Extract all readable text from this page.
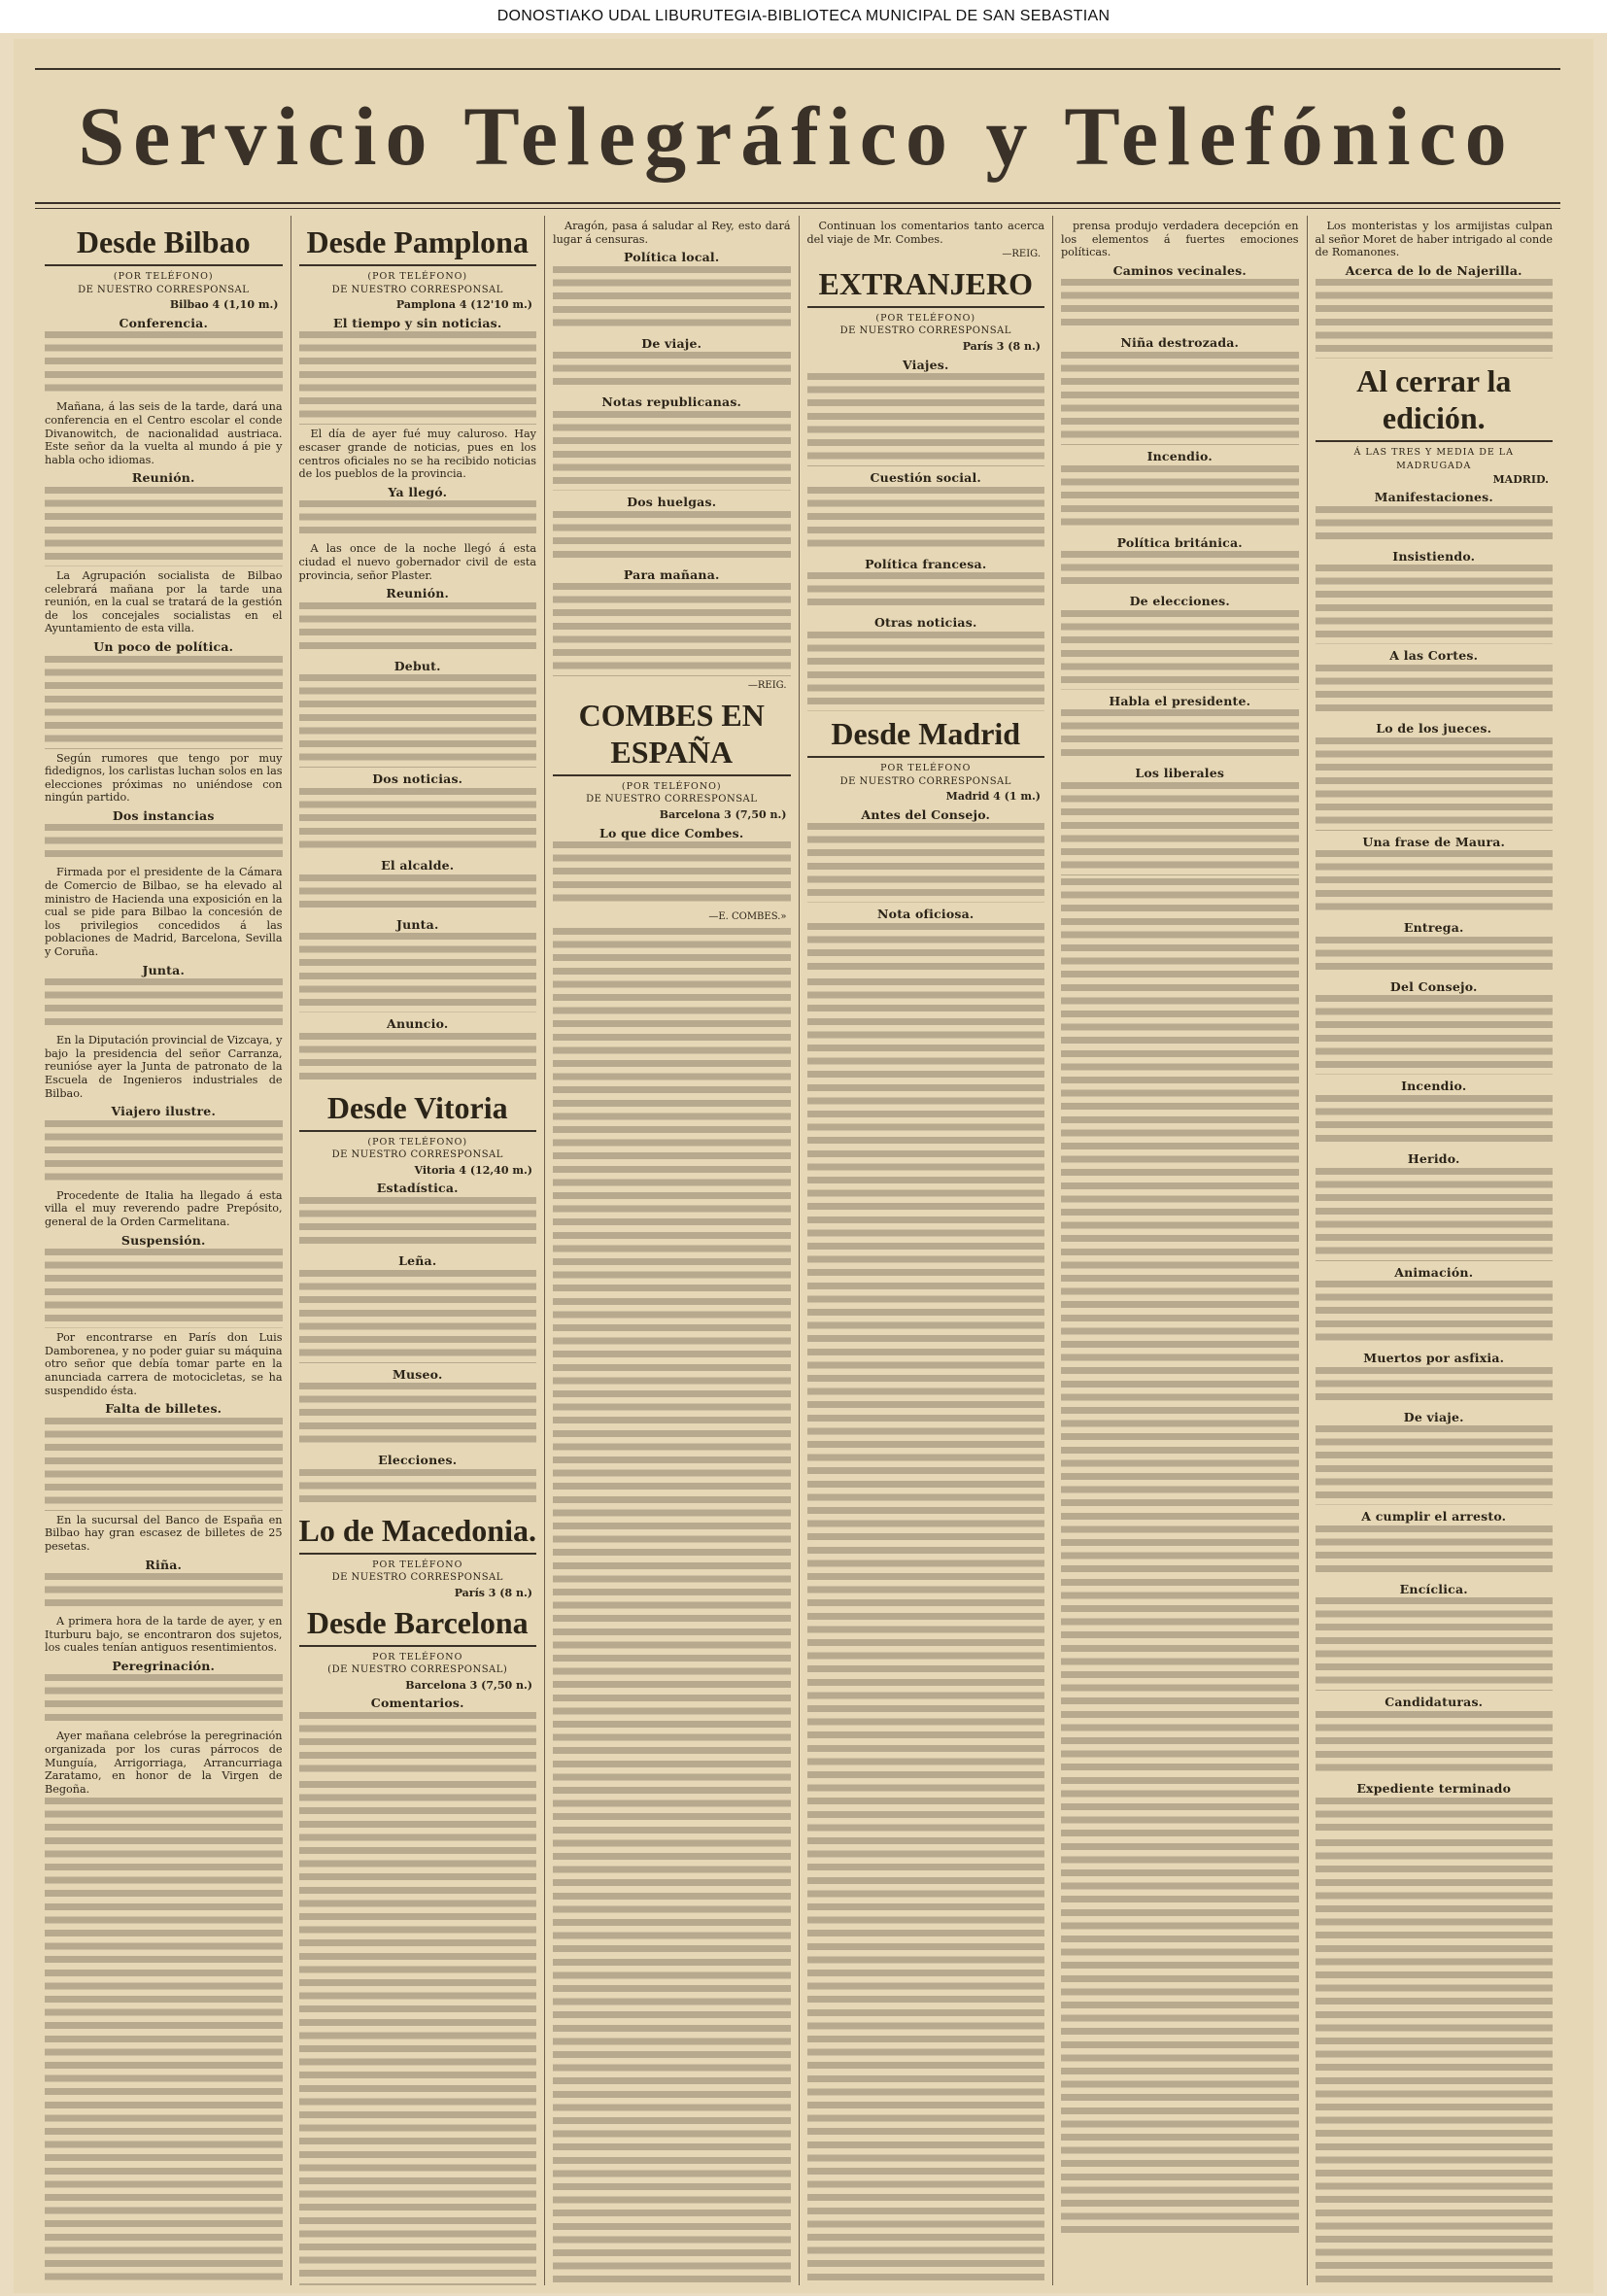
DONOSTIAKO UDAL LIBURUTEGIA-BIBLIOTECA MUNICIPAL DE SAN SEBASTIAN
Servicio Telegráfico y Telefónico
Desde Bilbao
(POR TELÉFONO)
DE NUESTRO CORRESPONSAL
Bilbao 4 (1,10 m.)
Conferencia.

Mañana, á las seis de la tarde, dará una conferencia en el Centro escolar el conde Divanowitch, de nacionalidad austriaca. Este señor da la vuelta al mundo á pie y habla ocho idiomas.

Reunión.

La Agrupación socialista de Bilbao celebrará mañana por la tarde una reunión, en la cual se tratará de la gestión de los concejales socialistas en el Ayuntamiento de esta villa.

Un poco de política.

Según rumores que tengo por muy fidedignos, los carlistas luchan solos en las elecciones próximas no uniéndose con ningún partido.

Dos instancias

Firmada por el presidente de la Cámara de Comercio de Bilbao, se ha elevado al ministro de Hacienda una exposición en la cual se pide para Bilbao la concesión de los privilegios concedidos á las poblaciones de Madrid, Barcelona, Sevilla y Coruña.

Junta.

En la Diputación provincial de Vizcaya, y bajo la presidencia del señor Carranza, reunióse ayer la Junta de patronato de la Escuela de Ingenieros industriales de Bilbao.

Viajero ilustre.

Procedente de Italia ha llegado á esta villa el muy reverendo padre Prepósito, general de la Orden Carmelitana.

Suspensión.

Por encontrarse en París don Luis Damborenea, y no poder guiar su máquina otro señor que debía tomar parte en la anunciada carrera de motocicletas, se ha suspendido ésta.

Falta de billetes.

En la sucursal del Banco de España en Bilbao hay gran escasez de billetes de 25 pesetas.

Riña.

A primera hora de la tarde de ayer, y en Iturburu bajo, se encontraron dos sujetos, los cuales tenían antiguos resentimientos.

Peregrinación.

Ayer mañana celebróse la peregrinación organizada por los curas párrocos de Munguía, Arrigorriaga, Arrancurriaga Zaratamo, en honor de la Virgen de Begoña.

Desde Pamplona
(POR TELÉFONO)
DE NUESTRO CORRESPONSAL
Pamplona 4 (12'10 m.)
El tiempo y sin noticias.

El día de ayer fué muy caluroso. Hay escaser grande de noticias, pues en los centros oficiales no se ha recibido noticias de los pueblos de la provincia.

Ya llegó.

A las once de la noche llegó á esta ciudad el nuevo gobernador civil de esta provincia, señor Plaster.

Reunión.
Debut.
Dos noticias.
El alcalde.
Junta.
Anuncio.
Desde Vitoria
(POR TELÉFONO)
DE NUESTRO CORRESPONSAL
Vitoria 4 (12,40 m.)
Estadística.
Leña.
Museo.
Elecciones.
Lo de Macedonia.
POR TELÉFONO
DE NUESTRO CORRESPONSAL
París 3 (8 n.)
Desde Barcelona
POR TELÉFONO
(DE NUESTRO CORRESPONSAL)
Barcelona 3 (7,50 n.)
Comentarios.

Aragón, pasa á saludar al Rey, esto dará lugar á censuras.

Política local.
De viaje.
Notas republicanas.
Dos huelgas.
Para mañana.
—REIG.
COMBES EN ESPAÑA
(POR TELÉFONO)
DE NUESTRO CORRESPONSAL
Barcelona 3 (7,50 n.)
Lo que dice Combes.
—E. COMBES.»

Continuan los comentarios tanto acerca del viaje de Mr. Combes.

—REIG.
EXTRANJERO
(POR TELÉFONO)
DE NUESTRO CORRESPONSAL
París 3 (8 n.)
Viajes.
Cuestión social.
Política francesa.
Otras noticias.
Desde Madrid
POR TELÉFONO
DE NUESTRO CORRESPONSAL
Madrid 4 (1 m.)
Antes del Consejo.
Nota oficiosa.

prensa produjo verdadera decepción en los elementos á fuertes emociones políticas.

Caminos vecinales.
Niña destrozada.
Incendio.
Política británica.
De elecciones.
Habla el presidente.
Los liberales

Los monteristas y los armijistas culpan al señor Moret de haber intrigado al conde de Romanones.

Acerca de lo de Najerilla.
Al cerrar la edición.
Á LAS TRES Y MEDIA DE LA MADRUGADA
MADRID.
Manifestaciones.
Insistiendo.
A las Cortes.
Lo de los jueces.
Una frase de Maura.
Entrega.
Del Consejo.
Incendio.
Herido.
Animación.
Muertos por asfixia.
De viaje.
A cumplir el arresto.
Encíclica.
Candidaturas.
Expediente terminado
